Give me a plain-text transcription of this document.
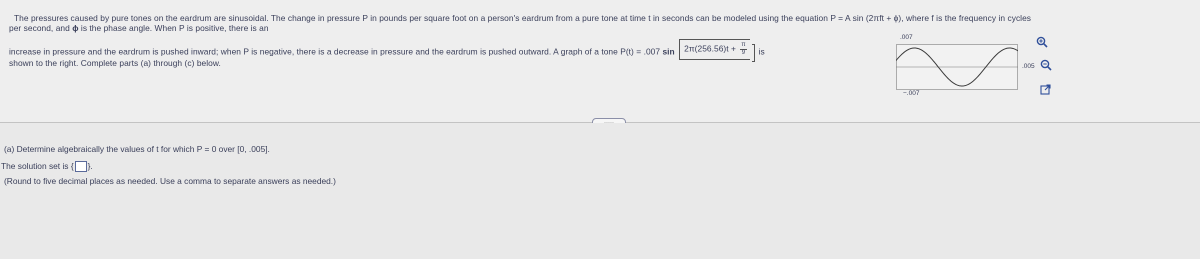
The pressures caused by pure tones on the eardrum are sinusoidal. The change in pressure P in pounds per square foot on a person's eardrum from a pure tone at time t in seconds can be modeled using the equation P = A sin (2πft + ϕ), where f is the frequency in cycles
per second, and ϕ is the phase angle. When P is positive, there is an
increase in pressure and the eardrum is pushed inward; when P is negative, there is a decrease in pressure and the eardrum is pushed outward. A graph of a tone P(t) = .007 $\sin 2\pi(256.56)t + \frac{\pi}{9}$ is
shown to the right. Complete parts (a) through (c) below.
.007
−.007
.005
(a) Determine algebraically the values of t for which P = 0 over [0, .005].
The solution set is { }.
(Round to five decimal places as needed. Use a comma to separate answers as needed.)
